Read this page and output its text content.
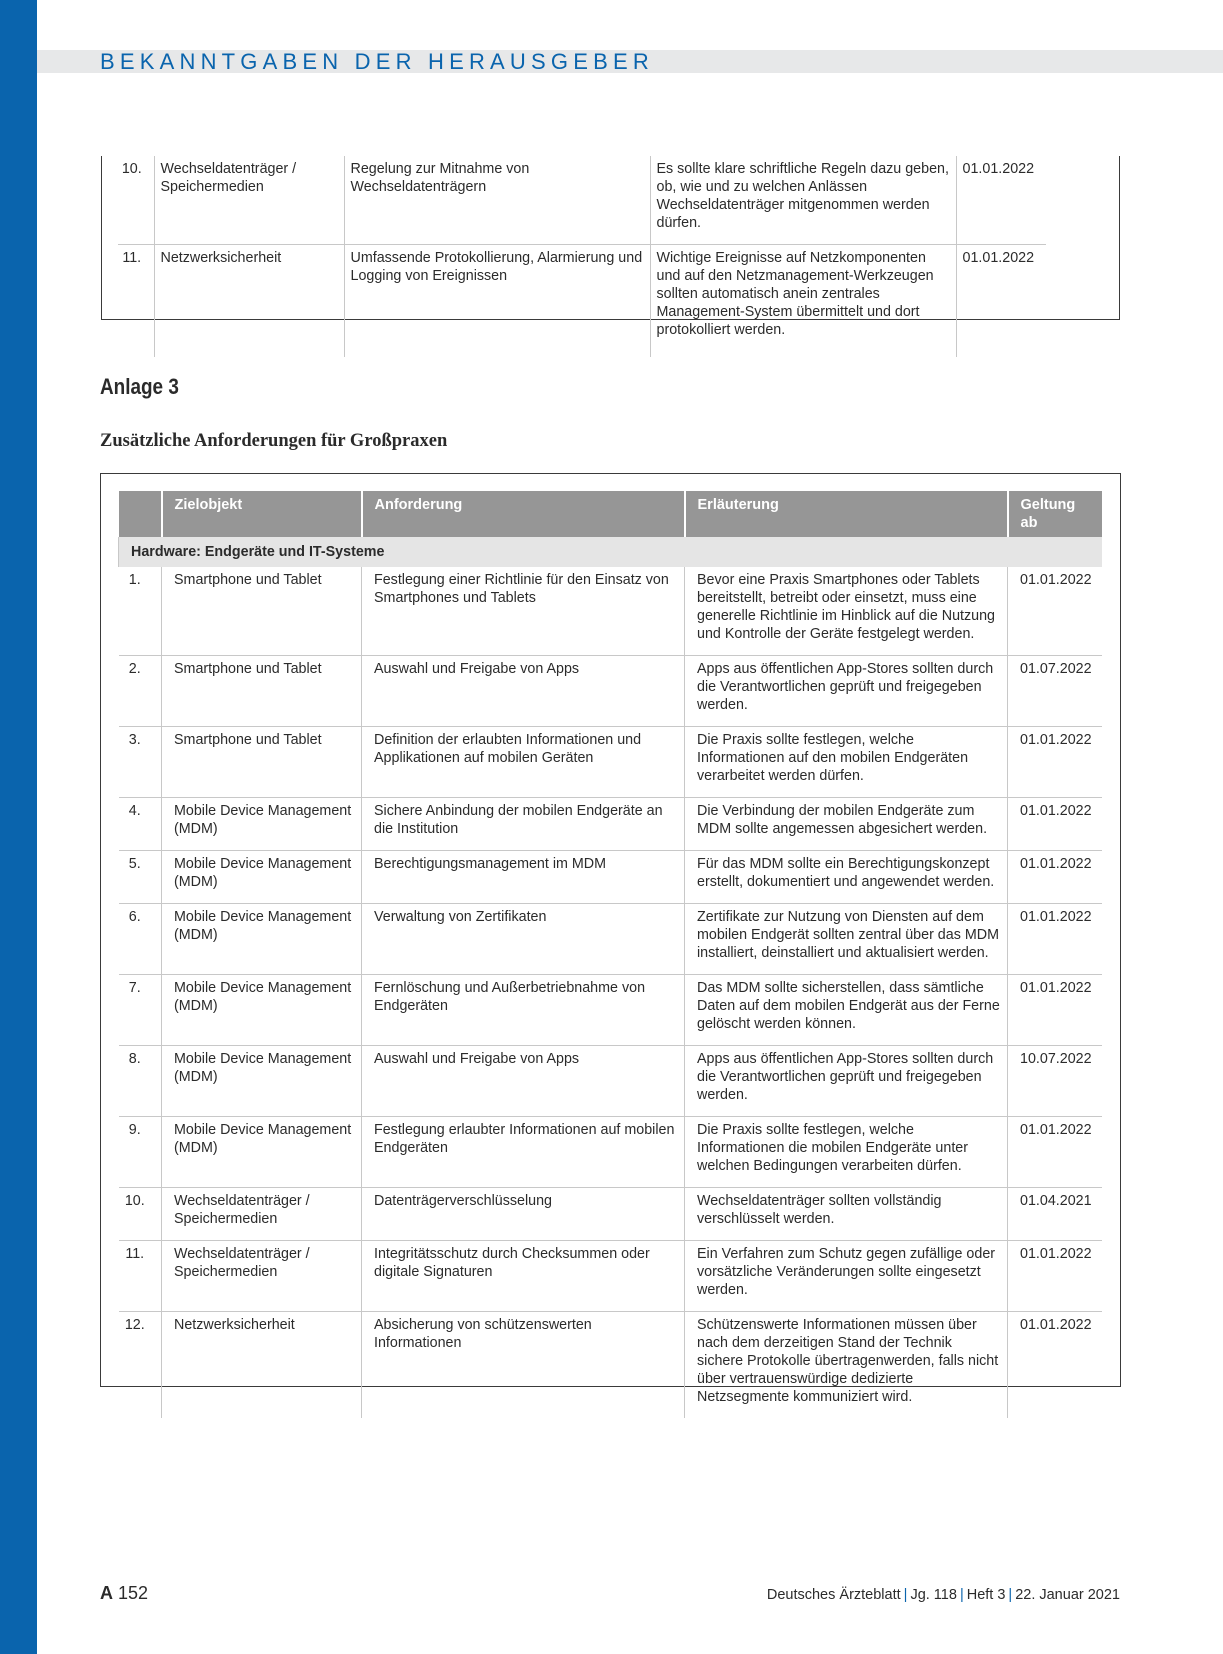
BEKANNTGABEN DER HERAUSGEBER
10.	Wechseldatenträger / Speichermedien	Regelung zur Mitnahme von Wechseldatenträgern	Es sollte klare schriftliche Regeln dazu geben, ob, wie und zu welchen Anlässen Wechseldatenträger mitgenommen werden dürfen.	01.01.2022
11.	Netzwerksicherheit	Umfassende Protokollierung, Alarmierung und Logging von Ereignissen	Wichtige Ereignisse auf Netzkomponenten und auf den Netzmanagement-Werkzeugen sollten automatisch anein zentrales Management-System übermittelt und dort protokolliert werden.	01.01.2022
Anlage 3
Zusätzliche Anforderungen für Großpraxen
	Zielobjekt	Anforderung	Erläuterung	Geltung ab
Hardware: Endgeräte und IT-Systeme				
1.	Smartphone und Tablet	Festlegung einer Richtlinie für den Einsatz von Smartphones und Tablets	Bevor eine Praxis Smartphones oder Tablets bereitstellt, betreibt oder einsetzt, muss eine generelle Richtlinie im Hinblick auf die Nutzung und Kontrolle der Geräte festgelegt werden.	01.01.2022
2.	Smartphone und Tablet	Auswahl und Freigabe von Apps	Apps aus öffentlichen App-Stores sollten durch die Verantwortlichen geprüft und freigegeben werden.	01.07.2022
3.	Smartphone und Tablet	Definition der erlaubten Informationen und Applikationen auf mobilen Geräten	Die Praxis sollte festlegen, welche Informationen auf den mobilen Endgeräten verarbeitet werden dürfen.	01.01.2022
4.	Mobile Device Management (MDM)	Sichere Anbindung der mobilen Endgeräte an die Institution	Die Verbindung der mobilen Endgeräte zum MDM sollte angemessen abgesichert werden.	01.01.2022
5.	Mobile Device Management (MDM)	Berechtigungsmanagement im MDM	Für das MDM sollte ein Berechtigungskonzept erstellt, dokumentiert und angewendet werden.	01.01.2022
6.	Mobile Device Management (MDM)	Verwaltung von Zertifikaten	Zertifikate zur Nutzung von Diensten auf dem mobilen Endgerät sollten zentral über das MDM installiert, deinstalliert und aktualisiert werden.	01.01.2022
7.	Mobile Device Management (MDM)	Fernlöschung und Außerbetriebnahme von Endgeräten	Das MDM sollte sicherstellen, dass sämtliche Daten auf dem mobilen Endgerät aus der Ferne gelöscht werden können.	01.01.2022
8.	Mobile Device Management (MDM)	Auswahl und Freigabe von Apps	Apps aus öffentlichen App-Stores sollten durch die Verantwortlichen geprüft und freigegeben werden.	10.07.2022
9.	Mobile Device Management (MDM)	Festlegung erlaubter Informationen auf mobilen Endgeräten	Die Praxis sollte festlegen, welche Informationen die mobilen Endgeräte unter welchen Bedingungen verarbeiten dürfen.	01.01.2022
10.	Wechseldatenträger / Speichermedien	Datenträgerverschlüsselung	Wechseldatenträger sollten vollständig verschlüsselt werden.	01.04.2021
11.	Wechseldatenträger / Speichermedien	Integritätsschutz durch Checksummen oder digitale Signaturen	Ein Verfahren zum Schutz gegen zufällige oder vorsätzliche Veränderungen sollte eingesetzt werden.	01.01.2022
12.	Netzwerksicherheit	Absicherung von schützenswerten Informationen	Schützenswerte Informationen müssen über nach dem derzeitigen Stand der Technik sichere Protokolle übertragenwerden, falls nicht über vertrauenswürdige dedizierte Netzsegmente kommuniziert wird.	01.01.2022
A 152	Deutsches Ärzteblatt | Jg. 118 | Heft 3 | 22. Januar 2021
